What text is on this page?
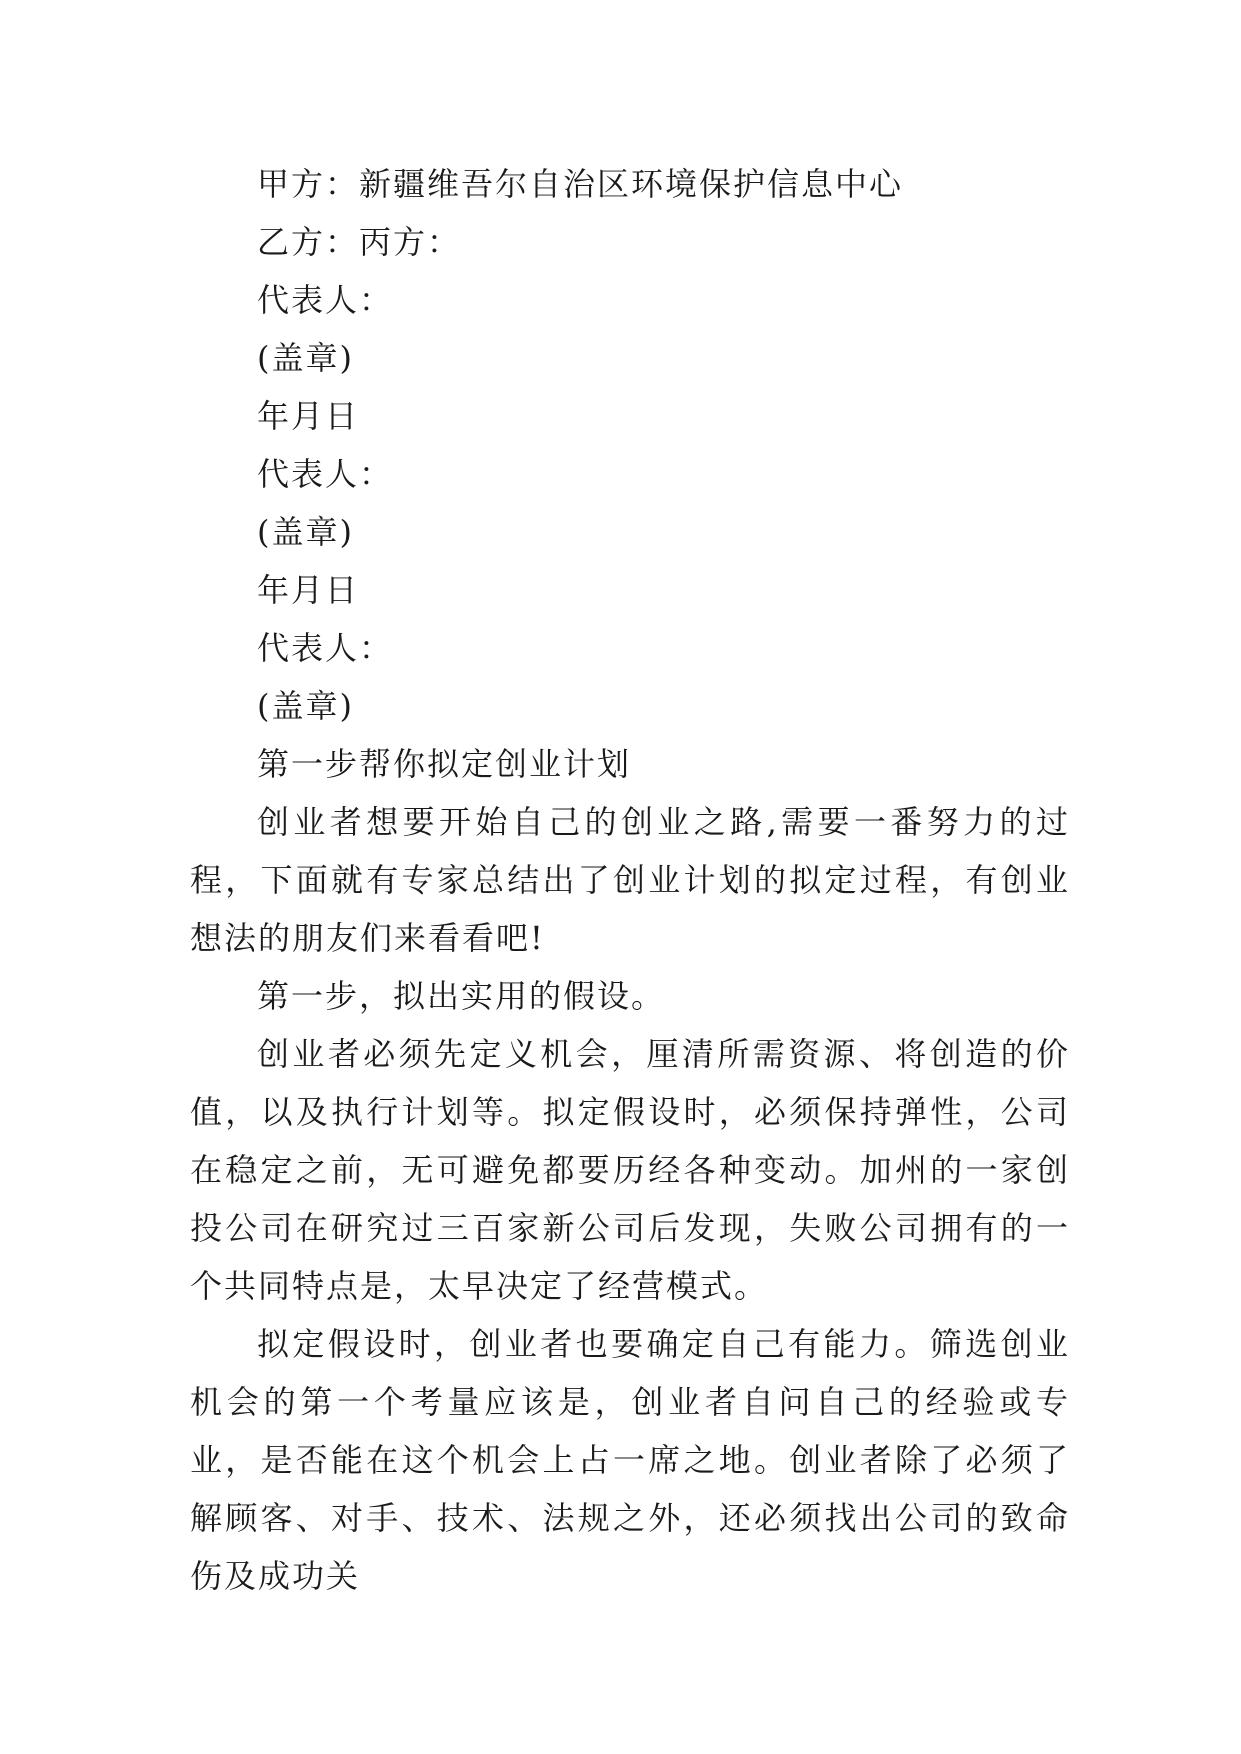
甲方：新疆维吾尔自治区环境保护信息中心

乙方：丙方：

代表人：

(盖章)

年月日

代表人：

(盖章)

年月日

代表人：

(盖章)

第一步帮你拟定创业计划

创业者想要开始自己的创业之路,需要一番努力的过程，下面就有专家总结出了创业计划的拟定过程，有创业想法的朋友们来看看吧!

第一步，拟出实用的假设。

创业者必须先定义机会，厘清所需资源、将创造的价值，以及执行计划等。拟定假设时，必须保持弹性，公司在稳定之前，无可避免都要历经各种变动。加州的一家创投公司在研究过三百家新公司后发现，失败公司拥有的一个共同特点是，太早决定了经营模式。

拟定假设时，创业者也要确定自己有能力。筛选创业机会的第一个考量应该是，创业者自问自己的经验或专业，是否能在这个机会上占一席之地。创业者除了必须了解顾客、对手、技术、法规之外，还必须找出公司的致命伤及成功关
